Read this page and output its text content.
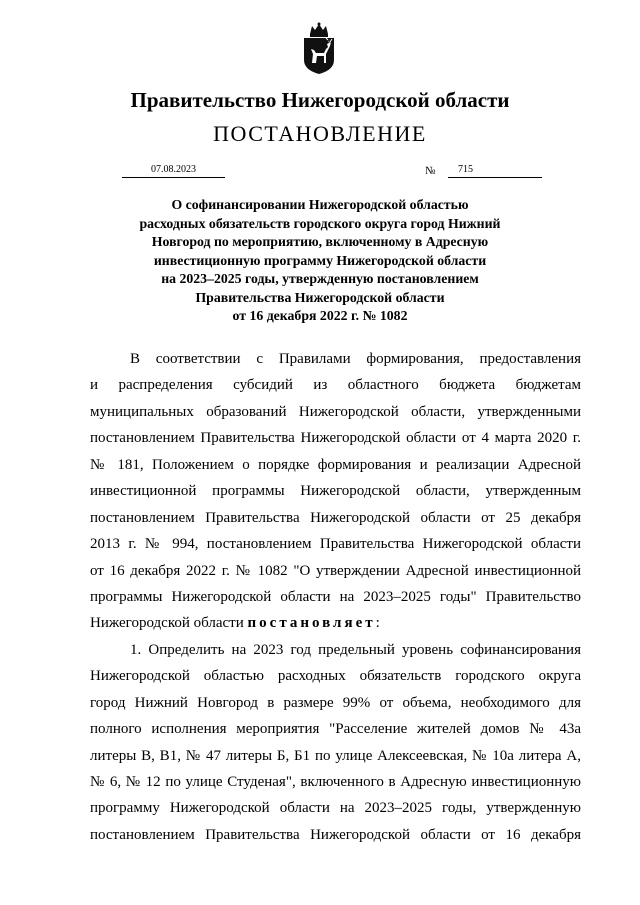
Правительство Нижегородской области
ПОСТАНОВЛЕНИЕ
07.08.2023	№	715
О софинансировании Нижегородской областью
расходных обязательств городского округа город Нижний
Новгород по мероприятию, включенному в Адресную
инвестиционную программу Нижегородской области
на 2023–2025 годы, утвержденную постановлением
Правительства Нижегородской области
от 16 декабря 2022 г. № 1082
В соответствии с Правилами формирования, предоставления
и распределения субсидий из областного бюджета бюджетам
муниципальных образований Нижегородской области, утвержденными
постановлением Правительства Нижегородской области от 4 марта 2020 г.
№ 181, Положением о порядке формирования и реализации Адресной
инвестиционной программы Нижегородской области, утвержденным
постановлением Правительства Нижегородской области от 25 декабря
2013 г. № 994, постановлением Правительства Нижегородской области
от 16 декабря 2022 г. № 1082 "О утверждении Адресной инвестиционной
программы Нижегородской области на 2023–2025 годы" Правительство
Нижегородской области постановляет:
1. Определить на 2023 год предельный уровень софинансирования
Нижегородской областью расходных обязательств городского округа
город Нижний Новгород в размере 99% от объема, необходимого для
полного исполнения мероприятия "Расселение жителей домов № 43а
литеры В, В1, № 47 литеры Б, Б1 по улице Алексеевская, № 10а литера А,
№ 6, № 12 по улице Студеная", включенного в Адресную инвестиционную
программу Нижегородской области на 2023–2025 годы, утвержденную
постановлением Правительства Нижегородской области от 16 декабря
